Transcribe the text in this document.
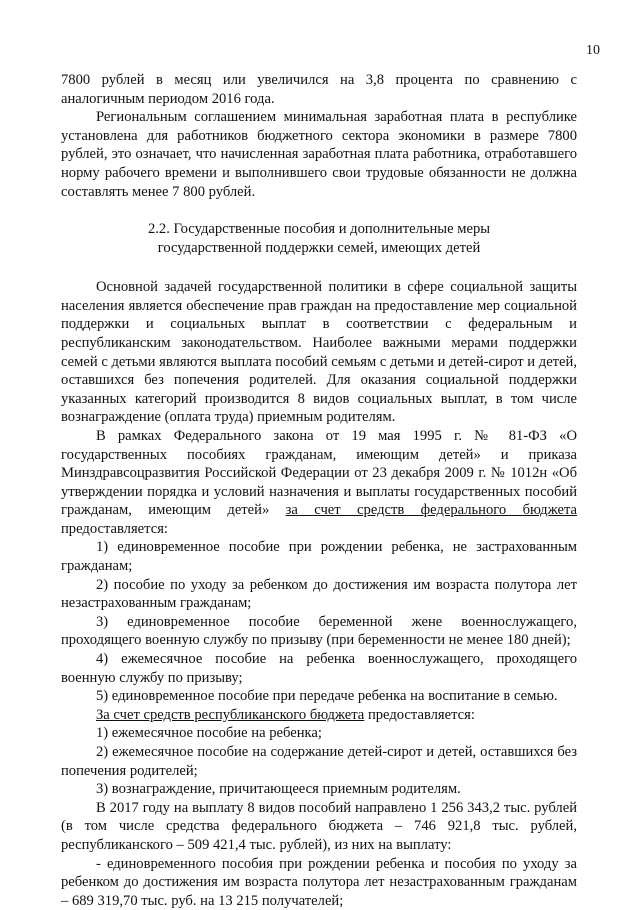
10

7800 рублей в месяц или увеличился на 3,8 процента по сравнению с аналогичным периодом 2016 года.

Региональным соглашением минимальная заработная плата в республике установлена для работников бюджетного сектора экономики в размере 7800 рублей, это означает, что начисленная заработная плата работника, отработавшего норму рабочего времени и выполнившего свои трудовые обязанности не должна составлять менее 7 800 рублей.

2.2. Государственные пособия и дополнительные меры
государственной поддержки семей, имеющих детей

Основной задачей государственной политики в сфере социальной защиты населения является обеспечение прав граждан на предоставление мер социальной поддержки и социальных выплат в соответствии с федеральным и республиканским законодательством. Наиболее важными мерами поддержки семей с детьми являются выплата пособий семьям с детьми и детей-сирот и детей, оставшихся без попечения родителей. Для оказания социальной поддержки указанных категорий производится 8 видов социальных выплат, в том числе вознаграждение (оплата труда) приемным родителям.

В рамках Федерального закона от 19 мая 1995 г. № 81-ФЗ «О государственных пособиях гражданам, имеющим детей» и приказа Минздравсоцразвития Российской Федерации от 23 декабря 2009 г. № 1012н «Об утверждении порядка и условий назначения и выплаты государственных пособий гражданам, имеющим детей» за счет средств федерального бюджета предоставляется:

1) единовременное пособие при рождении ребенка, не застрахованным гражданам;

2) пособие по уходу за ребенком до достижения им возраста полутора лет незастрахованным гражданам;

3) единовременное пособие беременной жене военнослужащего, проходящего военную службу по призыву (при беременности не менее 180 дней);

4) ежемесячное пособие на ребенка военнослужащего, проходящего военную службу по призыву;

5) единовременное пособие при передаче ребенка на воспитание в семью.

За счет средств республиканского бюджета предоставляется:

1) ежемесячное пособие на ребенка;

2) ежемесячное пособие на содержание детей-сирот и детей, оставшихся без попечения родителей;

3) вознаграждение, причитающееся приемным родителям.

В 2017 году на выплату 8 видов пособий направлено 1 256 343,2 тыс. рублей (в том числе средства федерального бюджета – 746 921,8 тыс. рублей, республиканского – 509 421,4 тыс. рублей), из них на выплату:

- единовременного пособия при рождении ребенка и пособия по уходу за ребенком до достижения им возраста полутора лет незастрахованным гражданам – 689 319,70 тыс. руб. на 13 215 получателей;
